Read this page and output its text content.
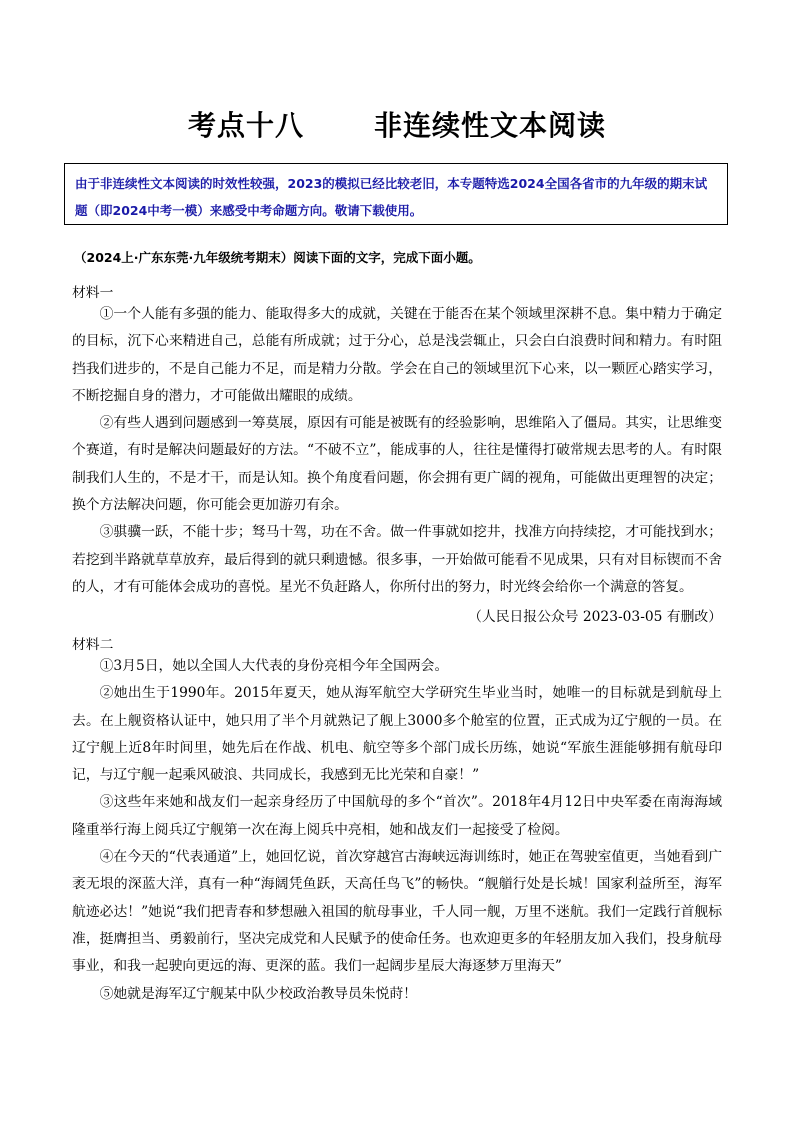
考点十八	非连续性文本阅读
由于非连续性文本阅读的时效性较强，2023的模拟已经比较老旧，本专题特选2024全国各省市的九年级的期末试题（即2024中考一模）来感受中考命题方向。敬请下载使用。
（2024上·广东东莞·九年级统考期末）阅读下面的文字，完成下面小题。
材料一

①一个人能有多强的能力、能取得多大的成就，关键在于能否在某个领域里深耕不息。集中精力于确定的目标，沉下心来精进自己，总能有所成就；过于分心，总是浅尝辄止，只会白白浪费时间和精力。有时阻挡我们进步的，不是自己能力不足，而是精力分散。学会在自己的领域里沉下心来，以一颗匠心踏实学习，不断挖掘自身的潜力，才可能做出耀眼的成绩。

②有些人遇到问题感到一筹莫展，原因有可能是被既有的经验影响，思维陷入了僵局。其实，让思维变个赛道，有时是解决问题最好的方法。“不破不立”，能成事的人，往往是懂得打破常规去思考的人。有时限制我们人生的，不是才干，而是认知。换个角度看问题，你会拥有更广阔的视角，可能做出更理智的决定；换个方法解决问题，你可能会更加游刃有余。

③骐骥一跃，不能十步；驽马十驾，功在不舍。做一件事就如挖井，找准方向持续挖，才可能找到水；若挖到半路就草草放弃，最后得到的就只剩遗憾。很多事，一开始做可能看不见成果，只有对目标锲而不舍的人，才有可能体会成功的喜悦。星光不负赶路人，你所付出的努力，时光终会给你一个满意的答复。

（人民日报公众号 2023-03-05 有删改）
材料二

①3月5日，她以全国人大代表的身份亮相今年全国两会。

②她出生于1990年。2015年夏天，她从海军航空大学研究生毕业当时，她唯一的目标就是到航母上去。在上舰资格认证中，她只用了半个月就熟记了舰上3000多个舱室的位置，正式成为辽宁舰的一员。在辽宁舰上近8年时间里，她先后在作战、机电、航空等多个部门成长历练，她说“军旅生涯能够拥有航母印记，与辽宁舰一起乘风破浪、共同成长，我感到无比光荣和自豪！”

③这些年来她和战友们一起亲身经历了中国航母的多个“首次”。2018年4月12日中央军委在南海海域隆重举行海上阅兵辽宁舰第一次在海上阅兵中亮相，她和战友们一起接受了检阅。

④在今天的“代表通道”上，她回忆说，首次穿越宫古海峡远海训练时，她正在驾驶室值更，当她看到广袤无垠的深蓝大洋，真有一种“海阔凭鱼跃，天高任鸟飞”的畅快。“舰艏行处是长城！国家利益所至，海军航迹必达！”她说“我们把青春和梦想融入祖国的航母事业，千人同一舰，万里不迷航。我们一定践行首舰标准，挺膺担当、勇毅前行，坚决完成党和人民赋予的使命任务。也欢迎更多的年轻朋友加入我们，投身航母事业，和我一起驶向更远的海、更深的蓝。我们一起阔步星辰大海逐梦万里海天”

⑤她就是海军辽宁舰某中队少校政治教导员朱悦莳！
